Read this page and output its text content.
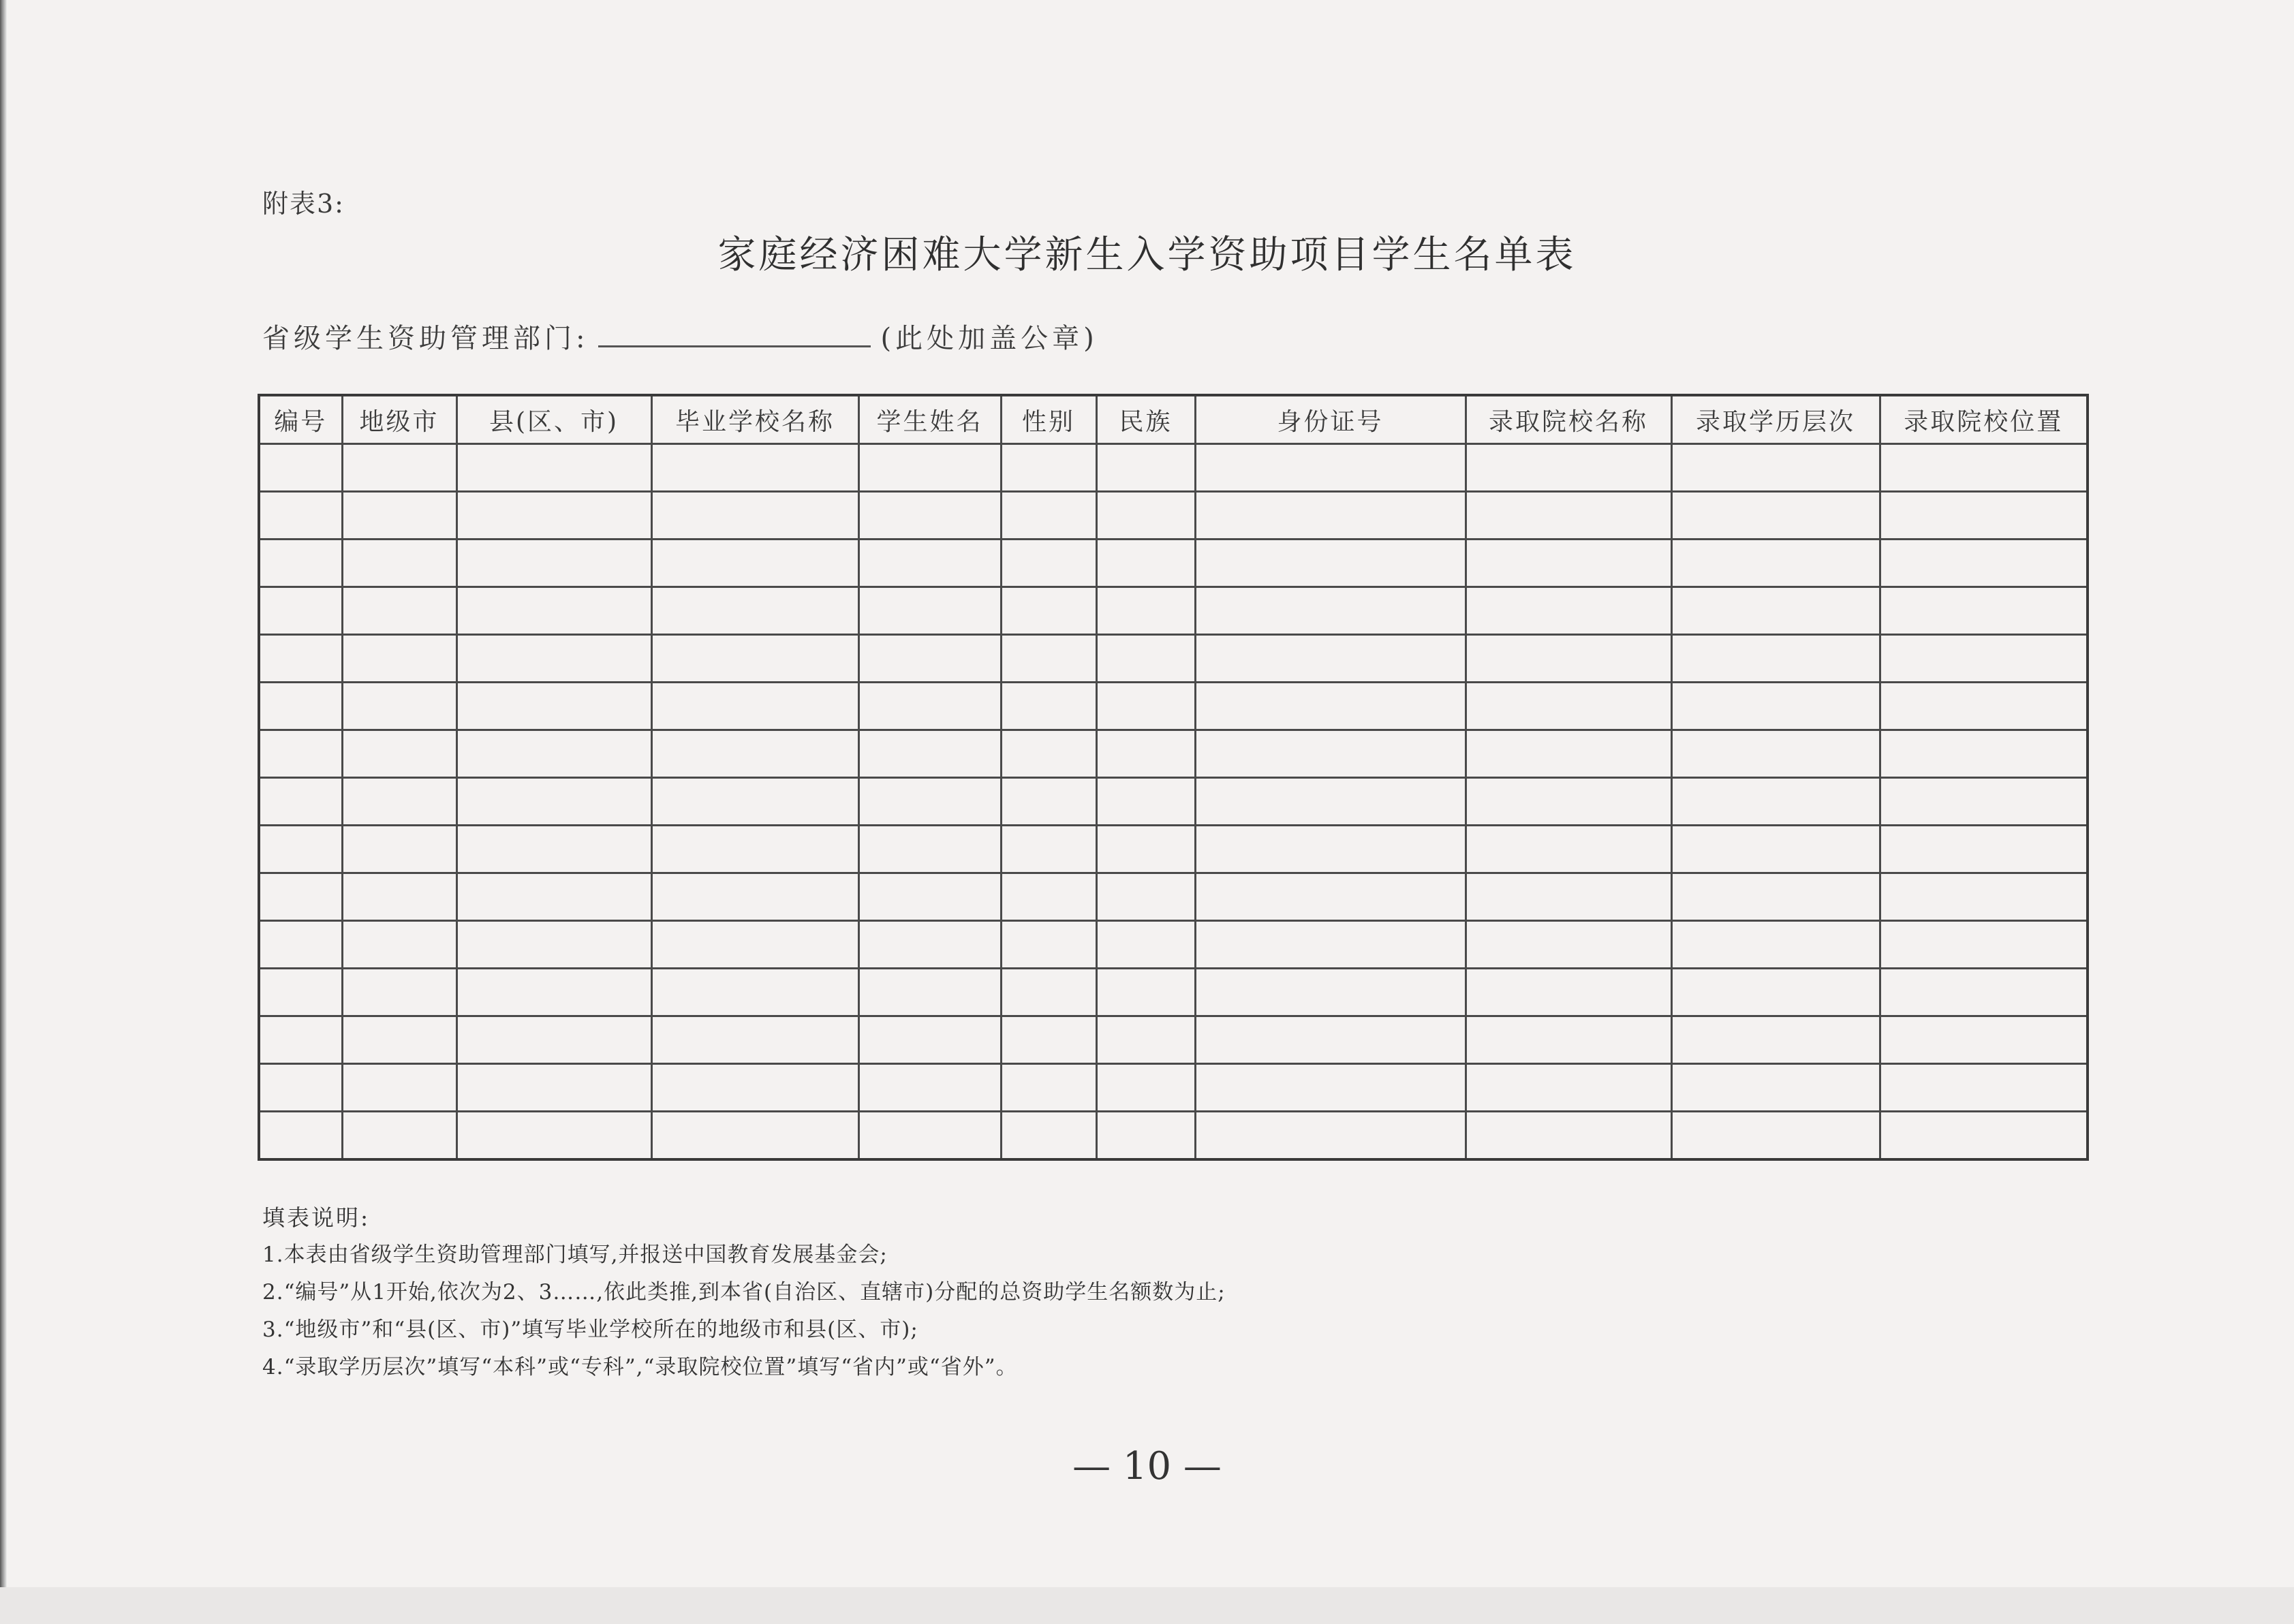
附表3:
家庭经济困难大学新生入学资助项目学生名单表
省级学生资助管理部门:	(此处加盖公章)
编号	地级市	县(区、市)	毕业学校名称	学生姓名	性别	民族	身份证号	录取院校名称	录取学历层次	录取院校位置

填表说明:
1.本表由省级学生资助管理部门填写,并报送中国教育发展基金会;
2.“编号”从1开始,依次为2、3……,依此类推,到本省(自治区、直辖市)分配的总资助学生名额数为止;
3.“地级市”和“县(区、市)”填写毕业学校所在的地级市和县(区、市);
4.“录取学历层次”填写“本科”或“专科”,“录取院校位置”填写“省内”或“省外”。
— 10 —
